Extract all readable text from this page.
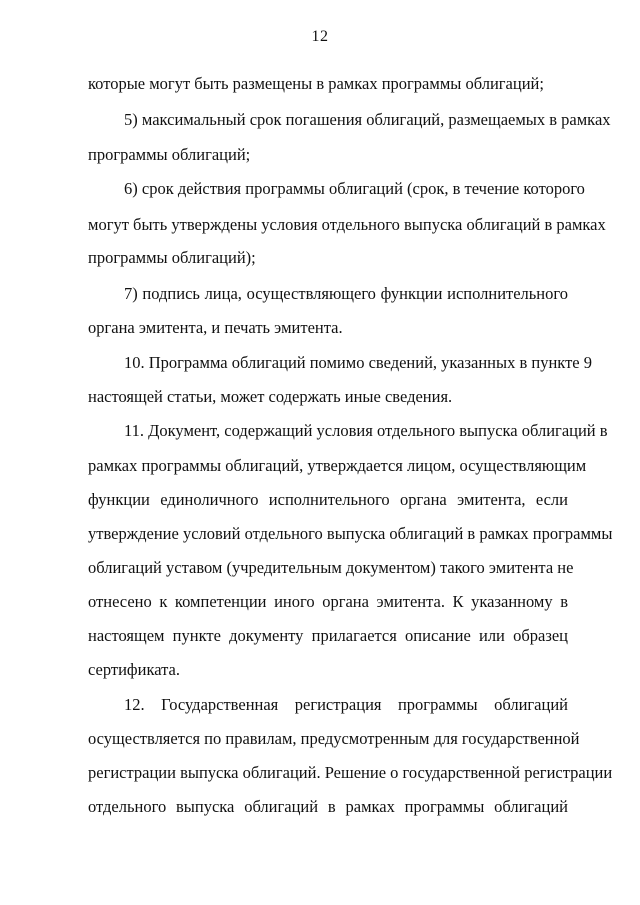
12
которые могут быть размещены в рамках программы облигаций;
5) максимальный срок погашения облигаций, размещаемых в рамках
программы облигаций;
6) срок действия программы облигаций (срок, в течение которого
могут быть утверждены условия отдельного выпуска облигаций в рамках
программы облигаций);
7) подпись лица, осуществляющего функции исполнительного
органа эмитента, и печать эмитента.
10. Программа облигаций помимо сведений, указанных в пункте 9
настоящей статьи, может содержать иные сведения.
11. Документ, содержащий условия отдельного выпуска облигаций в
рамках программы облигаций, утверждается лицом, осуществляющим
функции единоличного исполнительного органа эмитента, если
утверждение условий отдельного выпуска облигаций в рамках программы
облигаций уставом (учредительным документом) такого эмитента не
отнесено к компетенции иного органа эмитента. К указанному в
настоящем пункте документу прилагается описание или образец
сертификата.
12. Государственная регистрация программы облигаций
осуществляется по правилам, предусмотренным для государственной
регистрации выпуска облигаций. Решение о государственной регистрации
отдельного выпуска облигаций в рамках программы облигаций
